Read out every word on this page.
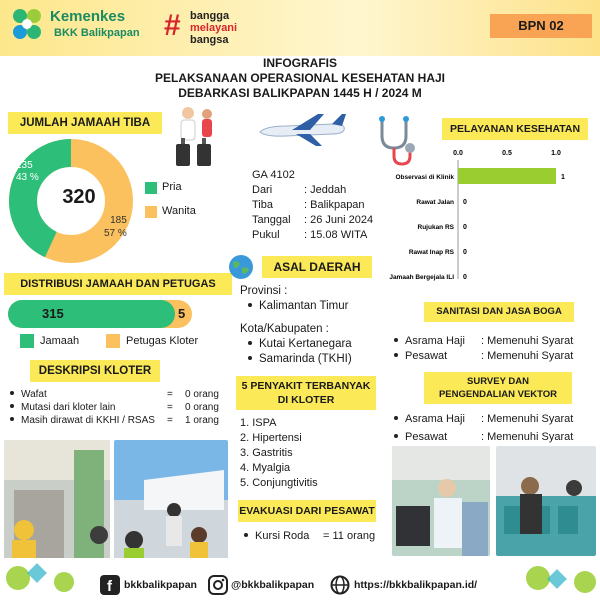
Kemenkes
BKK Balikpapan # bangga
melayani
bangsa
BPN 02
INFOGRAFIS
PELAKSANAAN OPERASIONAL KESEHATAN HAJI
DEBARKASI BALIKPAPAN 1445 H / 2024 M
JUMLAH JAMAAH TIBA
320
135
43 %
185
57 %
Pria
Wanita
GA 4102
Dari	: Jeddah
Tiba	: Balikpapan
Tanggal : 26 Juni 2024
Pukul : 15.08 WITA
PELAYANAN KESEHATAN
0.0	0.5	1.0
Observasi di Klinik	1
Rawat Jalan 0
Rujukan RS 0
Rawat Inap RS 0
Jamaah Bergejala ILI 0
DISTRIBUSI JAMAAH DAN PETUGAS
315	5
Jamaah	Petugas Kloter
DESKRIPSI KLOTER
Wafat	= 0 orang
Mutasi dari kloter lain	= 0 orang
Masih dirawat di KKHI / RSAS = 1 orang
ASAL DAERAH
Provinsi :
Kalimantan Timur
Kota/Kabupaten :
Kutai Kertanegara
Samarinda (TKHI)
5 PENYAKIT TERBANYAK
DI KLOTER
1. ISPA
2. Hipertensi
3. Gastritis
4. Myalgia
5. Conjungtivitis
EVAKUASI DARI PESAWAT
Kursi Roda = 11 orang
SANITASI DAN JASA BOGA
Asrama Haji : Memenuhi Syarat
Pesawat	: Memenuhi Syarat
SURVEY DAN
PENGENDALIAN VEKTOR
Asrama Haji : Memenuhi Syarat
Pesawat	: Memenuhi Syarat
f bkkbalikpapan	@bkkbalikpapan	https://bkkbalikpapan.id/
